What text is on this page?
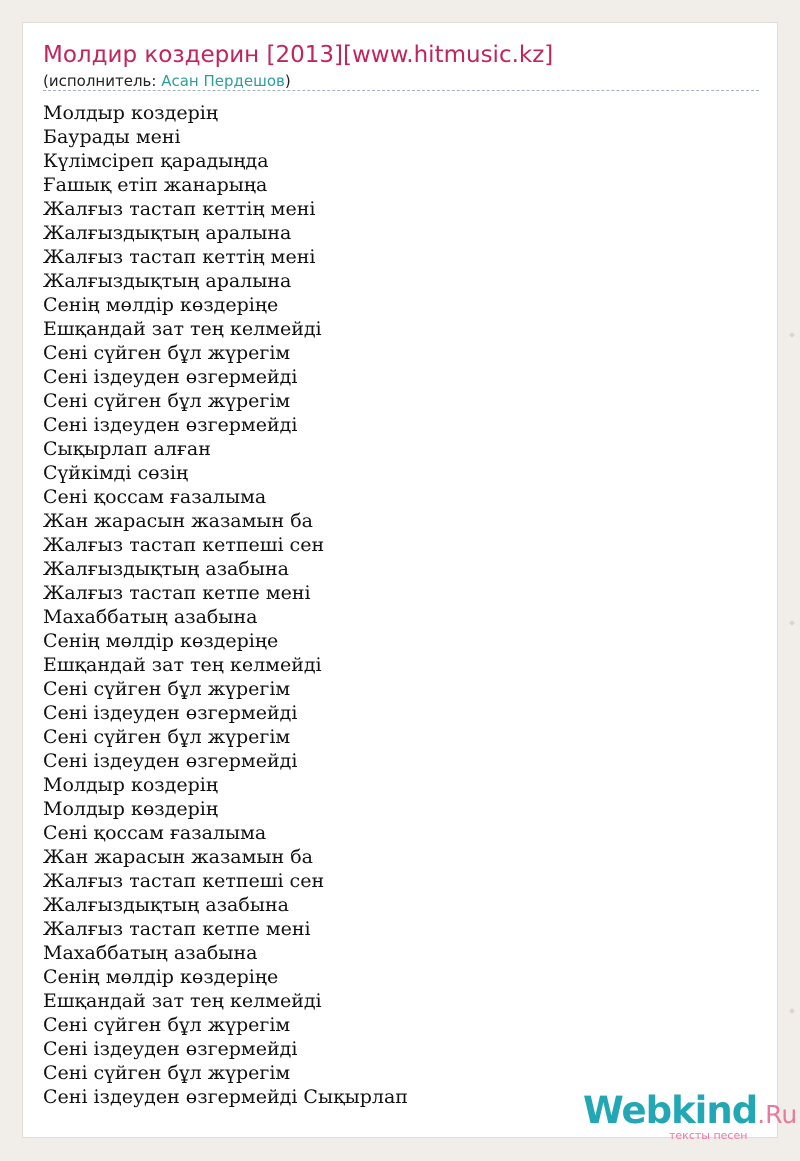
Молдир коздерин [2013][www.hitmusic.kz]
(исполнитель: Асан Пердешов)
Молдыр коздерің
Баурады мені
Күлімсіреп қарадыңда
Ғашық етіп жанарыңа
Жалғыз тастап кеттің мені
Жалғыздықтың аралына
Жалғыз тастап кеттің мені
Жалғыздықтың аралына
Сенің мөлдір көздеріңе
Ешқандай зат тең келмейді
Сені сүйген бұл жүрегім
Сені іздеуден өзгермейді
Сені сүйген бұл жүрегім
Сені іздеуден өзгермейді
Сықырлап алған
Сүйкімді сөзің
Сені қоссам ғазалыма
Жан жарасын жазамын ба
Жалғыз тастап кетпеші сен
Жалғыздықтың азабына
Жалғыз тастап кетпе мені
Махаббатың азабына
Сенің мөлдір көздеріңе
Ешқандай зат тең келмейді
Сені сүйген бұл жүрегім
Сені іздеуден өзгермейді
Сені сүйген бұл жүрегім
Сені іздеуден өзгермейді
Молдыр коздерің
Молдыр көздерің
Сені қоссам ғазалыма
Жан жарасын жазамын ба
Жалғыз тастап кетпеші сен
Жалғыздықтың азабына
Жалғыз тастап кетпе мені
Махаббатың азабына
Сенің мөлдір көздеріңе
Ешқандай зат тең келмейді
Сені сүйген бұл жүрегім
Сені іздеуден өзгермейді
Сені сүйген бұл жүрегім
Сені іздеуден өзгермейді Сықырлап	Webkind.Ru
тексты песен
